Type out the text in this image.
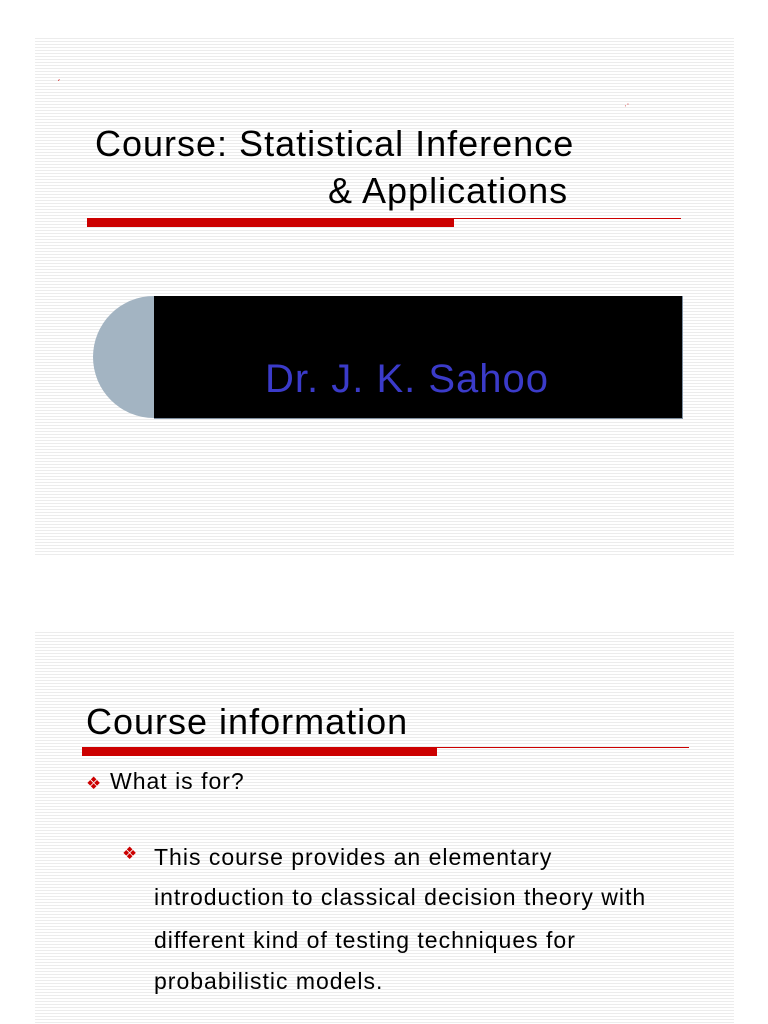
ˏ
ˑ˙
Course: Statistical Inference
& Applications
Dr. J. K. Sahoo
Course information
❖ What is for?
❖ This course provides an elementary
introduction to classical decision theory with
different kind of testing techniques for
probabilistic models.
